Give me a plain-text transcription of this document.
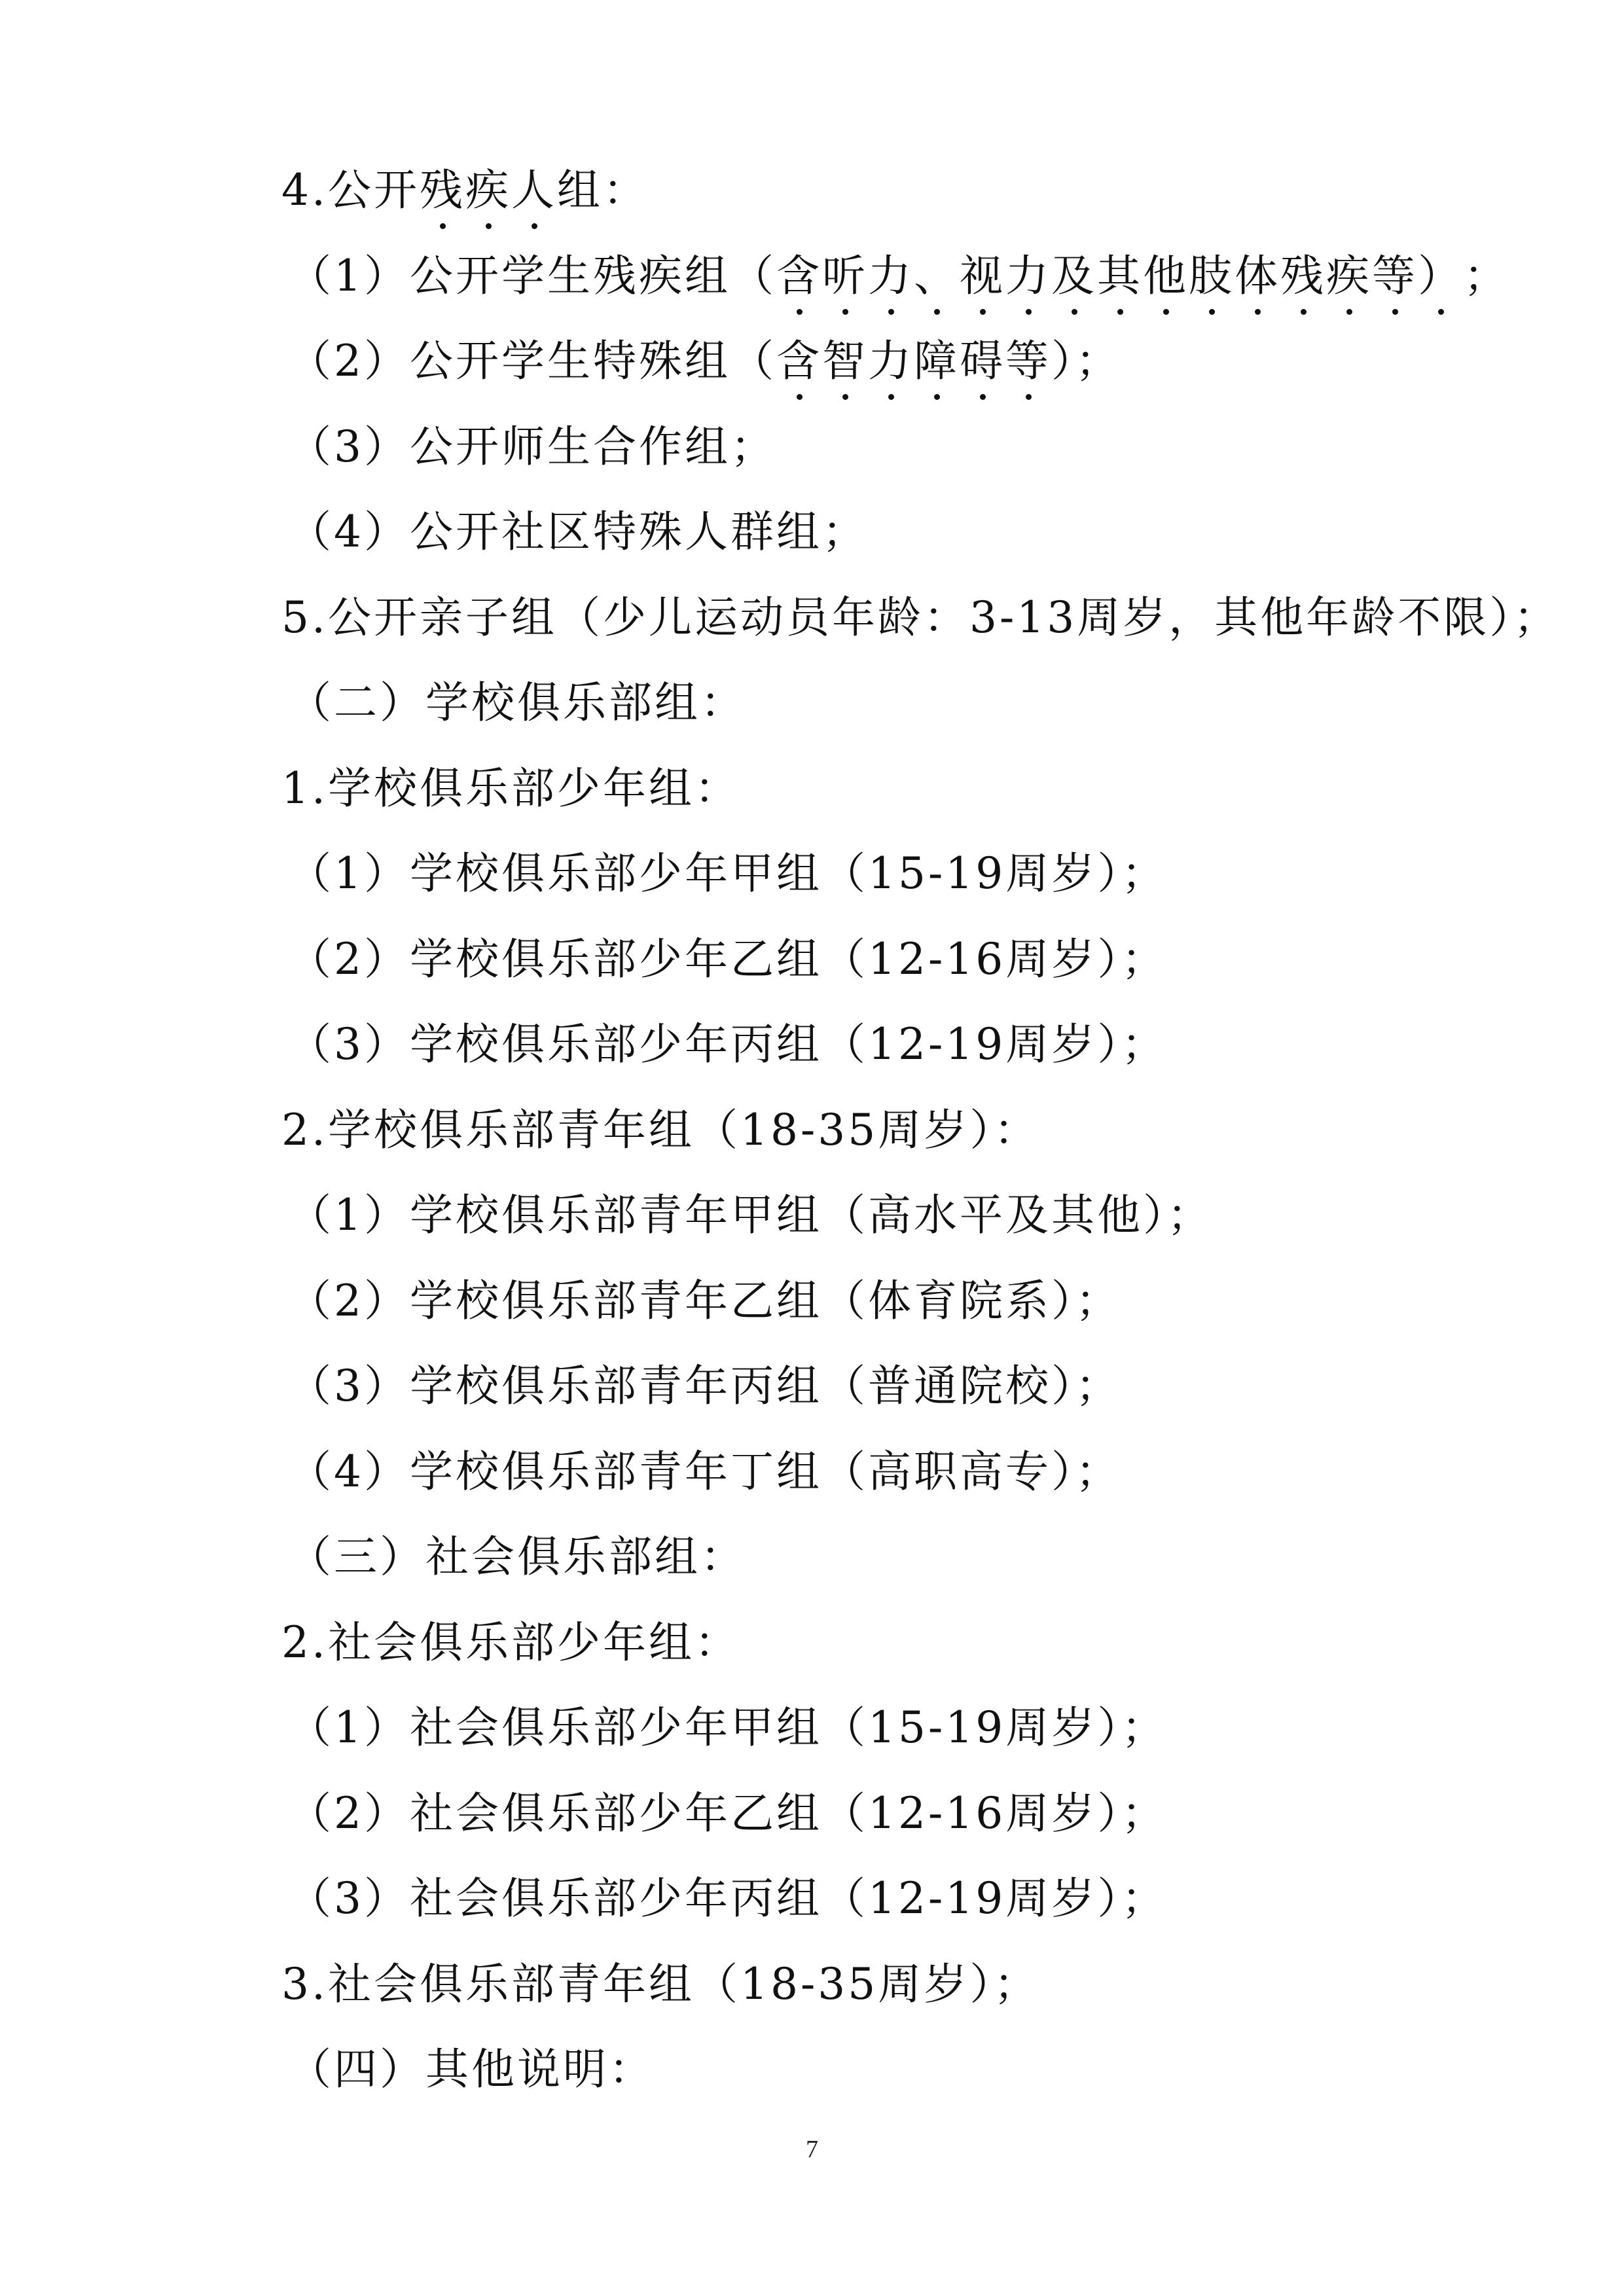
4.公开残疾人组：
（1）公开学生残疾组（含听力、视力及其他肢体残疾等）；
（2）公开学生特殊组（含智力障碍等）；
（3）公开师生合作组；
（4）公开社区特殊人群组；
5.公开亲子组（少儿运动员年龄：3-13周岁，其他年龄不限）；
（二）学校俱乐部组：
1.学校俱乐部少年组：
（1）学校俱乐部少年甲组（15-19周岁）；
（2）学校俱乐部少年乙组（12-16周岁）；
（3）学校俱乐部少年丙组（12-19周岁）；
2.学校俱乐部青年组（18-35周岁）：
（1）学校俱乐部青年甲组（高水平及其他）；
（2）学校俱乐部青年乙组（体育院系）；
（3）学校俱乐部青年丙组（普通院校）；
（4）学校俱乐部青年丁组（高职高专）；
（三）社会俱乐部组：
2.社会俱乐部少年组：
（1）社会俱乐部少年甲组（15-19周岁）；
（2）社会俱乐部少年乙组（12-16周岁）；
（3）社会俱乐部少年丙组（12-19周岁）；
3.社会俱乐部青年组（18-35周岁）；
（四）其他说明：
7
